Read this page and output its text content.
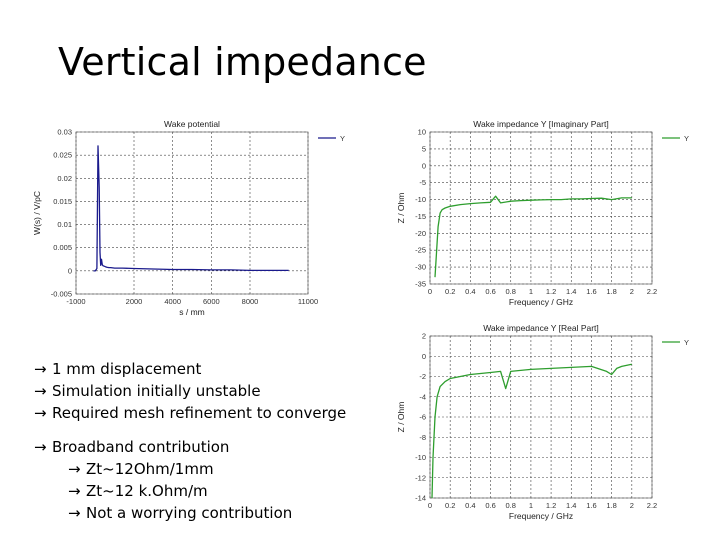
Vertical impedance
-1000	2000	4000	6000	8000	11000
-0.005
0
0.005
0.01
0.015
0.02
0.025
0.03
Wake potential
s / mm
W(s) / V/pC
Y
0 0.2 0.4 0.6 0.8 1 1.2 1.4 1.6 1.8 2 2.2
-35
-30
-25
-20
-15
-10
-5
0
5
10
Wake impedance Y [Imaginary Part]
Frequency / GHz
Z / Ohm
Y
0 0.2 0.4 0.6 0.8 1 1.2 1.4 1.6 1.8 2 2.2
-14
-12
-10
-8
-6
-4
-2
0
2
Wake impedance Y [Real Part]
Frequency / GHz
Z / Ohm
Y
→ 1 mm displacement
→ Simulation initially unstable
→ Required mesh refinement to converge
→ Broadband contribution
→ Zt~12Ohm/1mm
→ Zt~12 k.Ohm/m
→ Not a worrying contribution
